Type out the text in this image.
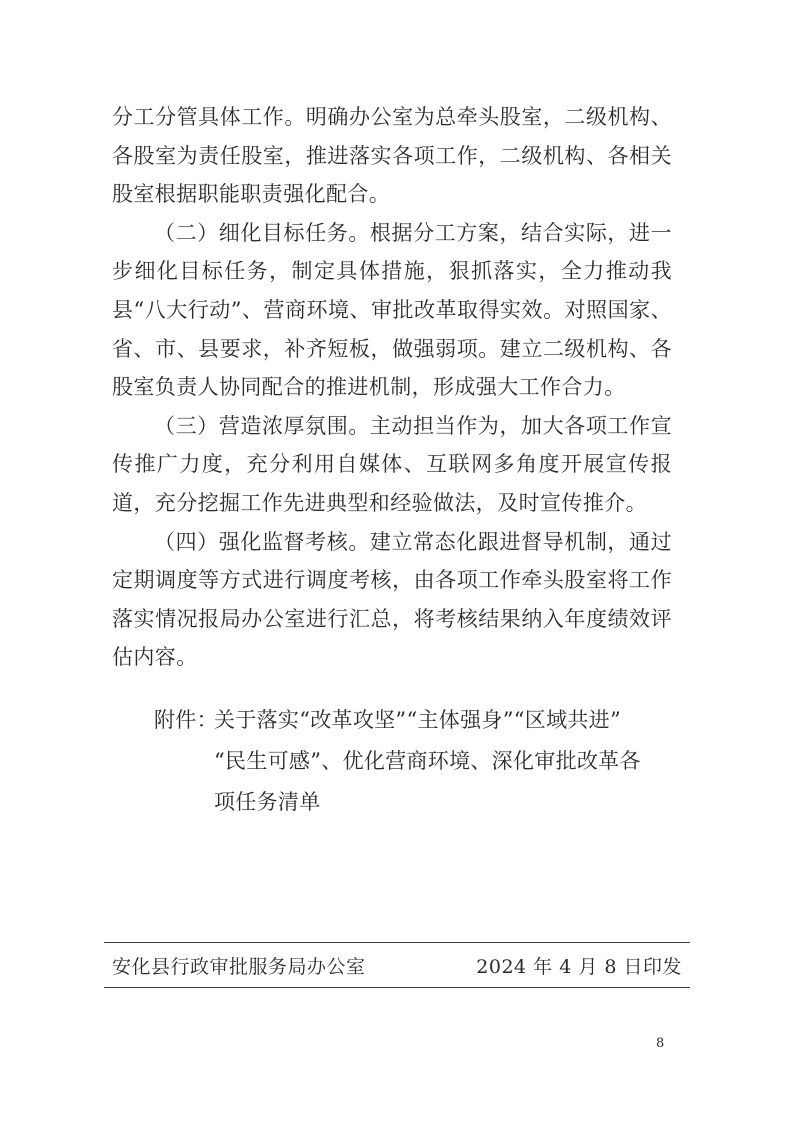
分工分管具体工作。明确办公室为总牵头股室，二级机构、各股室为责任股室，推进落实各项工作，二级机构、各相关股室根据职能职责强化配合。

（二）细化目标任务。根据分工方案，结合实际，进一步细化目标任务，制定具体措施，狠抓落实，全力推动我县“八大行动”、营商环境、审批改革取得实效。对照国家、省、市、县要求，补齐短板，做强弱项。建立二级机构、各股室负责人协同配合的推进机制，形成强大工作合力。

（三）营造浓厚氛围。主动担当作为，加大各项工作宣传推广力度，充分利用自媒体、互联网多角度开展宣传报道，充分挖掘工作先进典型和经验做法，及时宣传推介。

（四）强化监督考核。建立常态化跟进督导机制，通过定期调度等方式进行调度考核，由各项工作牵头股室将工作落实情况报局办公室进行汇总，将考核结果纳入年度绩效评估内容。

附件：
关于落实“改革攻坚”“主体强身”“区域共进”
“民生可感”、优化营商环境、深化审批改革各
项任务清单
安化县行政审批服务局办公室	2024 年 4 月 8 日印发
8
